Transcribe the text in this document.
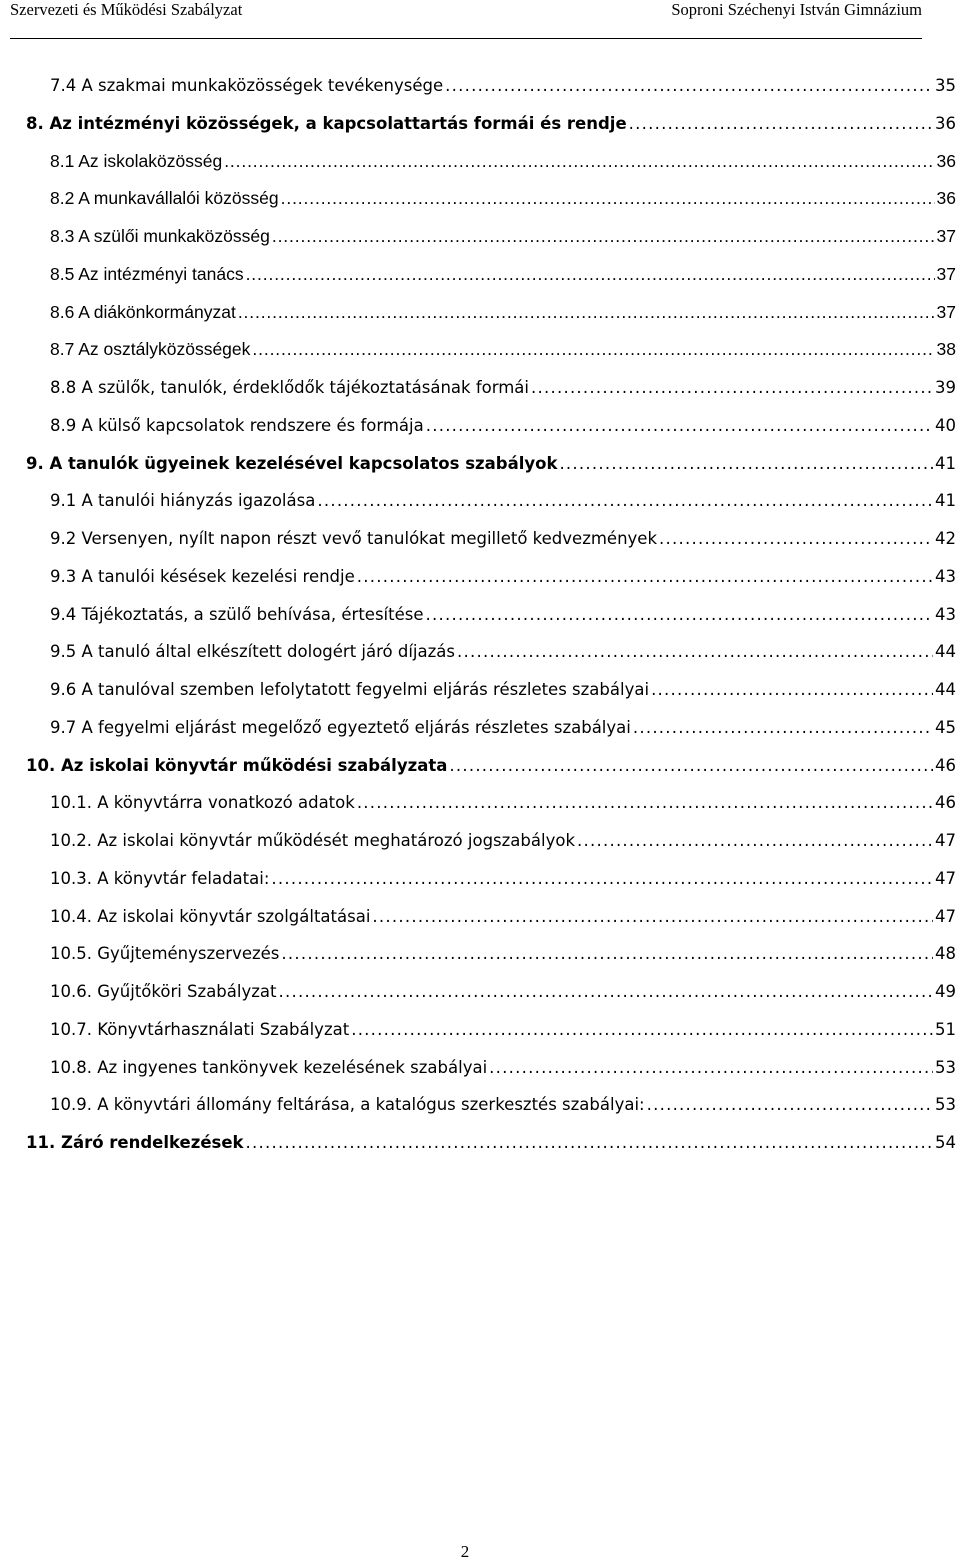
Szervezeti és Működési Szabályzat	Soproni Széchenyi István Gimnázium
7.4 A szakmai munkaközösségek tevékenysége . . .	35
8. Az intézményi közösségek, a kapcsolattartás formái és rendje . . .	36
8.1 Az iskolaközösség . . .	36
8.2 A munkavállalói közösség . . .	36
8.3 A szülői munkaközösség . . .	37
8.5 Az intézményi tanács . . .	37
8.6 A diákönkormányzat . . .	37
8.7 Az osztályközösségek . . .	38
8.8 A szülők, tanulók, érdeklődők tájékoztatásának formái . . .	39
8.9 A külső kapcsolatok rendszere és formája . . .	40
9. A tanulók ügyeinek kezelésével kapcsolatos szabályok . . .	41
9.1 A tanulói hiányzás igazolása . . .	41
9.2 Versenyen, nyílt napon részt vevő tanulókat megillető kedvezmények . . .	42
9.3 A tanulói késések kezelési rendje . . .	43
9.4 Tájékoztatás, a szülő behívása, értesítése . . .	43
9.5 A tanuló által elkészített dologért járó díjazás . . .	44
9.6 A tanulóval szemben lefolytatott fegyelmi eljárás részletes szabályai . . .	44
9.7 A fegyelmi eljárást megelőző egyeztető eljárás részletes szabályai . . .	45
10. Az iskolai könyvtár működési szabályzata . . .	46
10.1. A könyvtárra vonatkozó adatok . . .	46
10.2. Az iskolai könyvtár működését meghatározó jogszabályok . . .	47
10.3. A könyvtár feladatai: . . .	47
10.4. Az iskolai könyvtár szolgáltatásai . . .	47
10.5. Gyűjteményszervezés . . .	48
10.6. Gyűjtőköri Szabályzat . . .	49
10.7. Könyvtárhasználati Szabályzat . . .	51
10.8. Az ingyenes tankönyvek kezelésének szabályai . . .	53
10.9. A könyvtári állomány feltárása, a katalógus szerkesztés szabályai: . . .	53
11. Záró rendelkezések . . .	54
2
